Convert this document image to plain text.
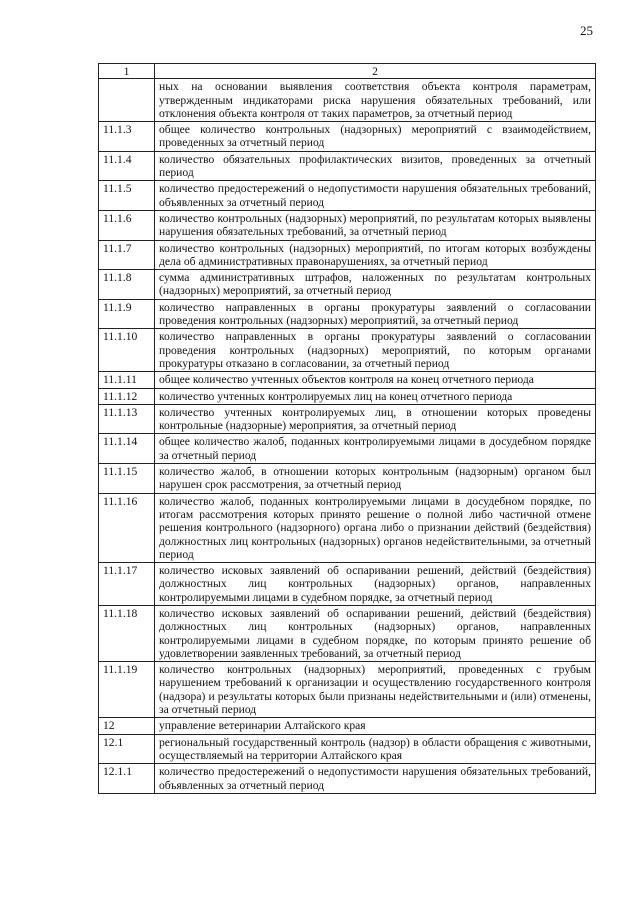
25
1	2
	ных на основании выявления соответствия объекта контроля параметрам, утвержденным индикаторами риска нарушения обязательных требований, или отклонения объекта контроля от таких параметров, за отчетный период
11.1.3	общее количество контрольных (надзорных) мероприятий с взаимодействием, проведенных за отчетный период
11.1.4	количество обязательных профилактических визитов, проведенных за отчетный период
11.1.5	количество предостережений о недопустимости нарушения обязательных требований, объявленных за отчетный период
11.1.6	количество контрольных (надзорных) мероприятий, по результатам которых выявлены нарушения обязательных требований, за отчетный период
11.1.7	количество контрольных (надзорных) мероприятий, по итогам которых возбуждены дела об административных правонарушениях, за отчетный период
11.1.8	сумма административных штрафов, наложенных по результатам контрольных (надзорных) мероприятий, за отчетный период
11.1.9	количество направленных в органы прокуратуры заявлений о согласовании проведения контрольных (надзорных) мероприятий, за отчетный период
11.1.10	количество направленных в органы прокуратуры заявлений о согласовании проведения контрольных (надзорных) мероприятий, по которым органами прокуратуры отказано в согласовании, за отчетный период
11.1.11	общее количество учтенных объектов контроля на конец отчетного периода
11.1.12	количество учтенных контролируемых лиц на конец отчетного периода
11.1.13	количество учтенных контролируемых лиц, в отношении которых проведены контрольные (надзорные) мероприятия, за отчетный период
11.1.14	общее количество жалоб, поданных контролируемыми лицами в досудебном порядке за отчетный период
11.1.15	количество жалоб, в отношении которых контрольным (надзорным) органом был нарушен срок рассмотрения, за отчетный период
11.1.16	количество жалоб, поданных контролируемыми лицами в досудебном порядке, по итогам рассмотрения которых принято решение о полной либо частичной отмене решения контрольного (надзорного) органа либо о признании действий (бездействия) должностных лиц контрольных (надзорных) органов недействительными, за отчетный период
11.1.17	количество исковых заявлений об оспаривании решений, действий (бездействия) должностных лиц контрольных (надзорных) органов, направленных контролируемыми лицами в судебном порядке, за отчетный период
11.1.18	количество исковых заявлений об оспаривании решений, действий (бездействия) должностных лиц контрольных (надзорных) органов, направленных контролируемыми лицами в судебном порядке, по которым принято решение об удовлетворении заявленных требований, за отчетный период
11.1.19	количество контрольных (надзорных) мероприятий, проведенных с грубым нарушением требований к организации и осуществлению государственного контроля (надзора) и результаты которых были признаны недействительными и (или) отменены, за отчетный период
12	управление ветеринарии Алтайского края
12.1	региональный государственный контроль (надзор) в области обращения с животными, осуществляемый на территории Алтайского края
12.1.1	количество предостережений о недопустимости нарушения обязательных требований, объявленных за отчетный период
